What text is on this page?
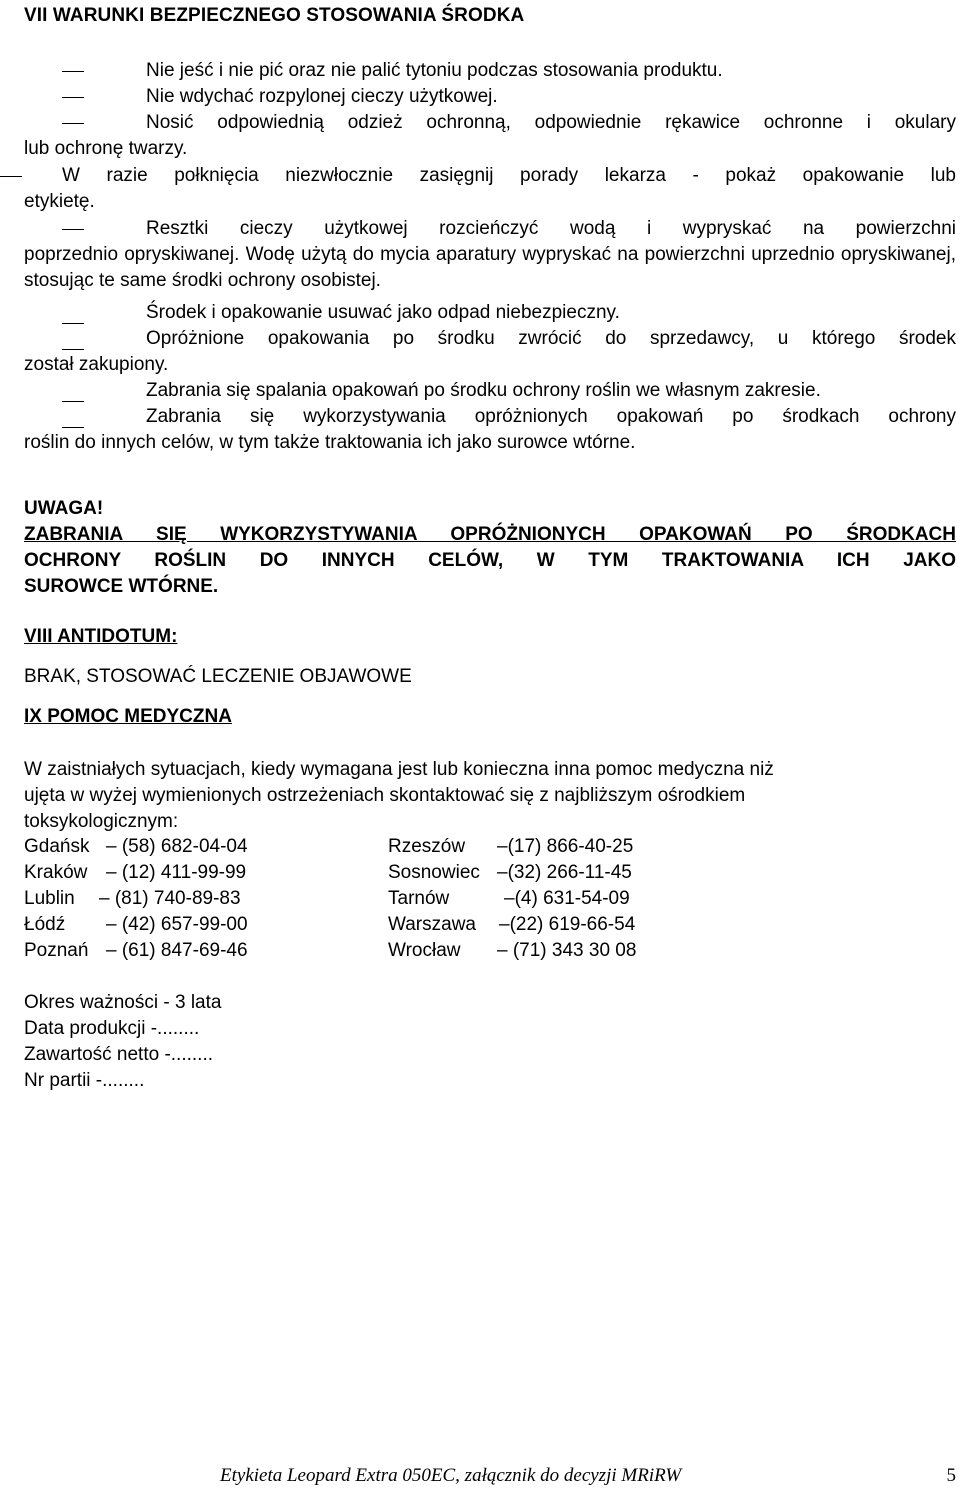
VII WARUNKI BEZPIECZNEGO STOSOWANIA ŚRODKA
Nie jeść i nie pić oraz nie palić tytoniu podczas stosowania produktu.
Nie wdychać rozpylonej cieczy użytkowej.
Nosić odpowiednią odzież ochronną, odpowiednie rękawice ochronne i okulary
lub ochronę twarzy.
W razie połknięcia niezwłocznie zasięgnij porady lekarza - pokaż opakowanie lub
etykietę.
Resztki cieczy użytkowej rozcieńczyć wodą i wypryskać na powierzchni
poprzednio opryskiwanej. Wodę użytą do mycia aparatury wypryskać na powierzchni uprzednio opryskiwanej, stosując te same środki ochrony osobistej.
Środek i opakowanie usuwać jako odpad niebezpieczny.
Opróżnione opakowania po środku zwrócić do sprzedawcy, u którego środek
został zakupiony.
Zabrania się spalania opakowań po środku ochrony roślin we własnym zakresie.
Zabrania się wykorzystywania opróżnionych opakowań po środkach ochrony
roślin do innych celów, w tym także traktowania ich jako surowce wtórne.
UWAGA!
ZABRANIA SIĘ WYKORZYSTYWANIA OPRÓŻNIONYCH OPAKOWAŃ PO ŚRODKACH
OCHRONY ROŚLIN DO INNYCH CELÓW, W TYM TRAKTOWANIA ICH JAKO
SUROWCE WTÓRNE.
VIII ANTIDOTUM:
BRAK, STOSOWAĆ LECZENIE OBJAWOWE
IX POMOC MEDYCZNA
W zaistniałych sytuacjach, kiedy wymagana jest lub konieczna inna pomoc medyczna niż
ujęta w wyżej wymienionych ostrzeżeniach skontaktować się z najbliższym ośrodkiem
toksykologicznym:
Gdańsk – (58) 682-04-04
Kraków – (12) 411-99-99
Lublin – (81) 740-89-83
Łódź – (42) 657-99-00
Poznań – (61) 847-69-46
Rzeszów –(17) 866-40-25
Sosnowiec –(32) 266-11-45
Tarnów	–(4) 631-54-09
Warszawa –(22) 619-66-54
Wrocław – (71) 343 30 08
Okres ważności - 3 lata
Data produkcji -........
Zawartość netto -........
Nr partii -........
Etykieta Leopard Extra 050EC, załącznik do decyzji MRiRW	5
